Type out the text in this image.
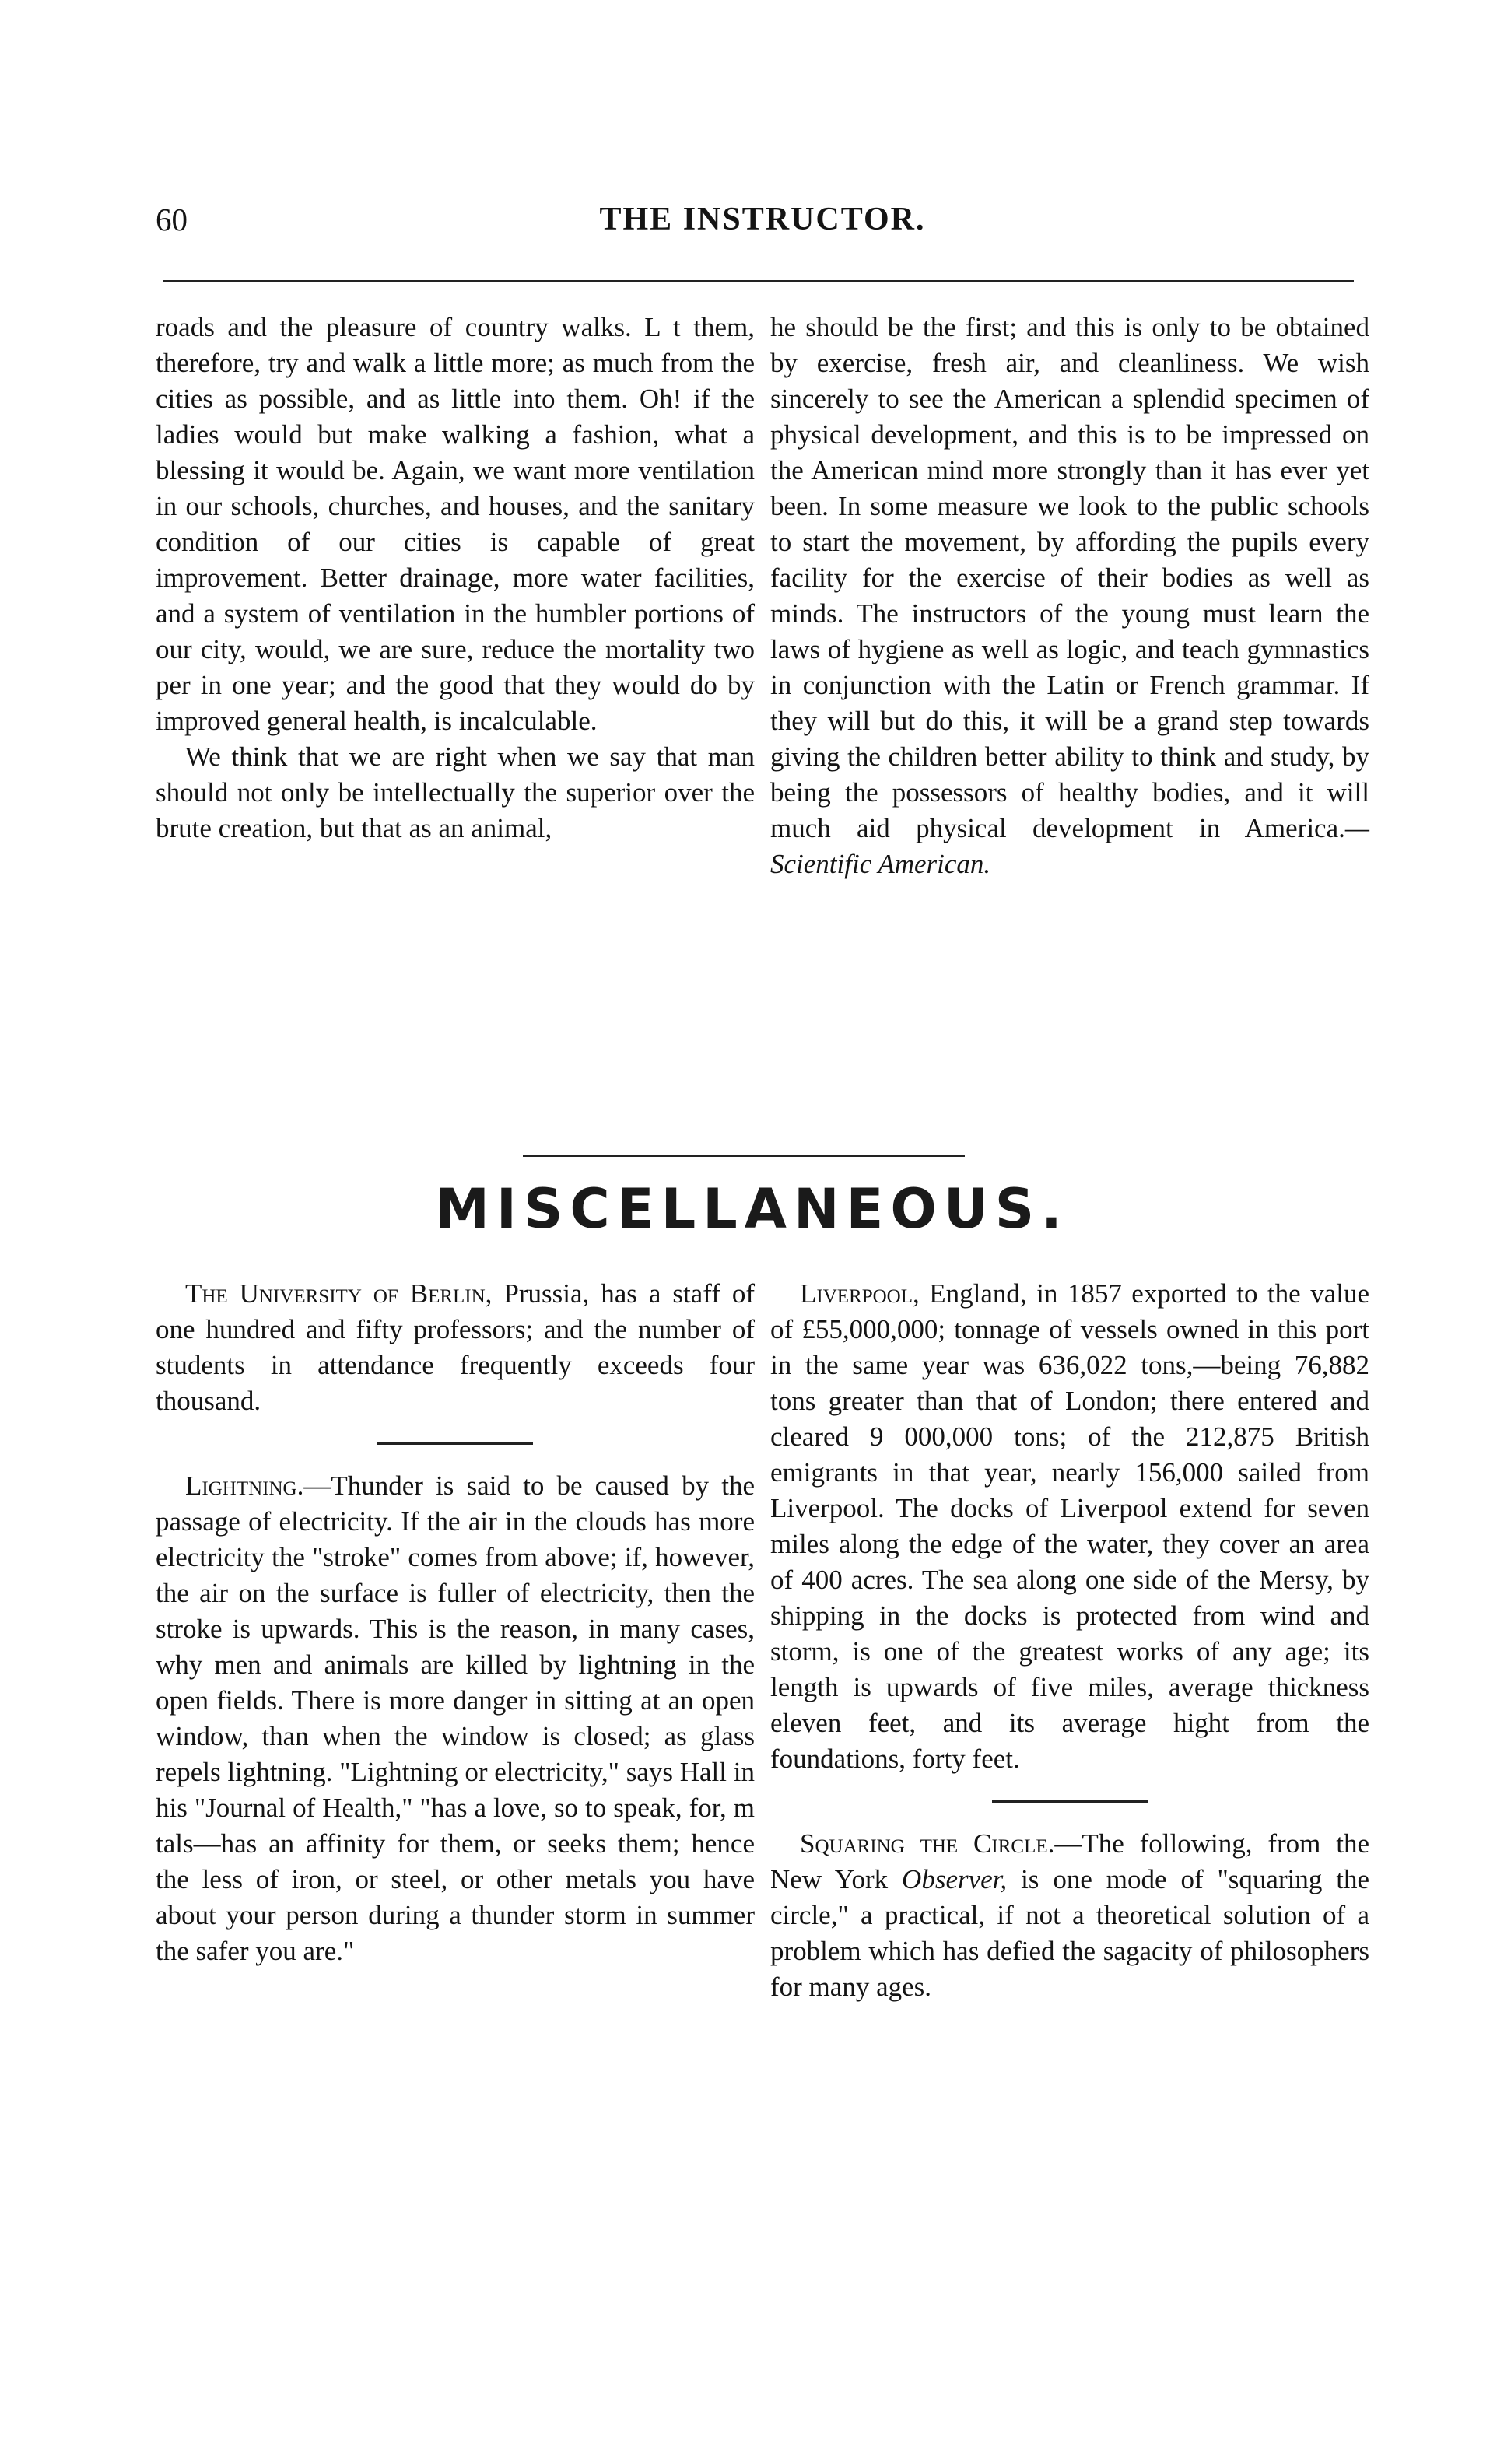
60	THE INSTRUCTOR.

roads and the pleasure of country walks. L t them, therefore, try and walk a little more; as much from the cities as possible, and as little into them. Oh! if the ladies would but make walking a fashion, what a blessing it would be. Again, we want more ventilation in our schools, churches, and houses, and the sanitary condition of our cities is capable of great improvement. Better drainage, more water facilities, and a system of ventilation in the humbler portions of our city, would, we are sure, reduce the mortality two per in one year; and the good that they would do by improved general health, is incalculable.

We think that we are right when we say that man should not only be intellectually the superior over the brute creation, but that as an animal,

he should be the first; and this is only to be obtained by exercise, fresh air, and cleanliness. We wish sincerely to see the American a splendid specimen of physical development, and this is to be impressed on the American mind more strongly than it has ever yet been. In some measure we look to the public schools to start the movement, by affording the pupils every facility for the exercise of their bodies as well as minds. The instructors of the young must learn the laws of hygiene as well as logic, and teach gymnastics in conjunction with the Latin or French grammar. If they will but do this, it will be a grand step towards giving the children better ability to think and study, by being the possessors of healthy bodies, and it will much aid physical development in America.—Scientific American.

MISCELLANEOUS.

The University of Berlin, Prussia, has a staff of one hundred and fifty professors; and the number of students in attendance frequently exceeds four thousand.

Lightning.—Thunder is said to be caused by the passage of electricity. If the air in the clouds has more electricity the "stroke" comes from above; if, however, the air on the surface is fuller of electricity, then the stroke is upwards. This is the reason, in many cases, why men and animals are killed by lightning in the open fields. There is more danger in sitting at an open window, than when the window is closed; as glass repels lightning. "Lightning or electricity," says Hall in his "Journal of Health," "has a love, so to speak, for, m tals—has an affinity for them, or seeks them; hence the less of iron, or steel, or other metals you have about your person during a thunder storm in summer the safer you are."

Liverpool, England, in 1857 exported to the value of £55,000,000; tonnage of vessels owned in this port in the same year was 636,022 tons,—being 76,882 tons greater than that of London; there entered and cleared 9 000,000 tons; of the 212,875 British emigrants in that year, nearly 156,000 sailed from Liverpool. The docks of Liverpool extend for seven miles along the edge of the water, they cover an area of 400 acres. The sea along one side of the Mersy, by shipping in the docks is protected from wind and storm, is one of the greatest works of any age; its length is upwards of five miles, average thickness eleven feet, and its average hight from the foundations, forty feet.

Squaring the Circle.—The following, from the New York Observer, is one mode of "squaring the circle," a practical, if not a theoretical solution of a problem which has defied the sagacity of philosophers for many ages.
